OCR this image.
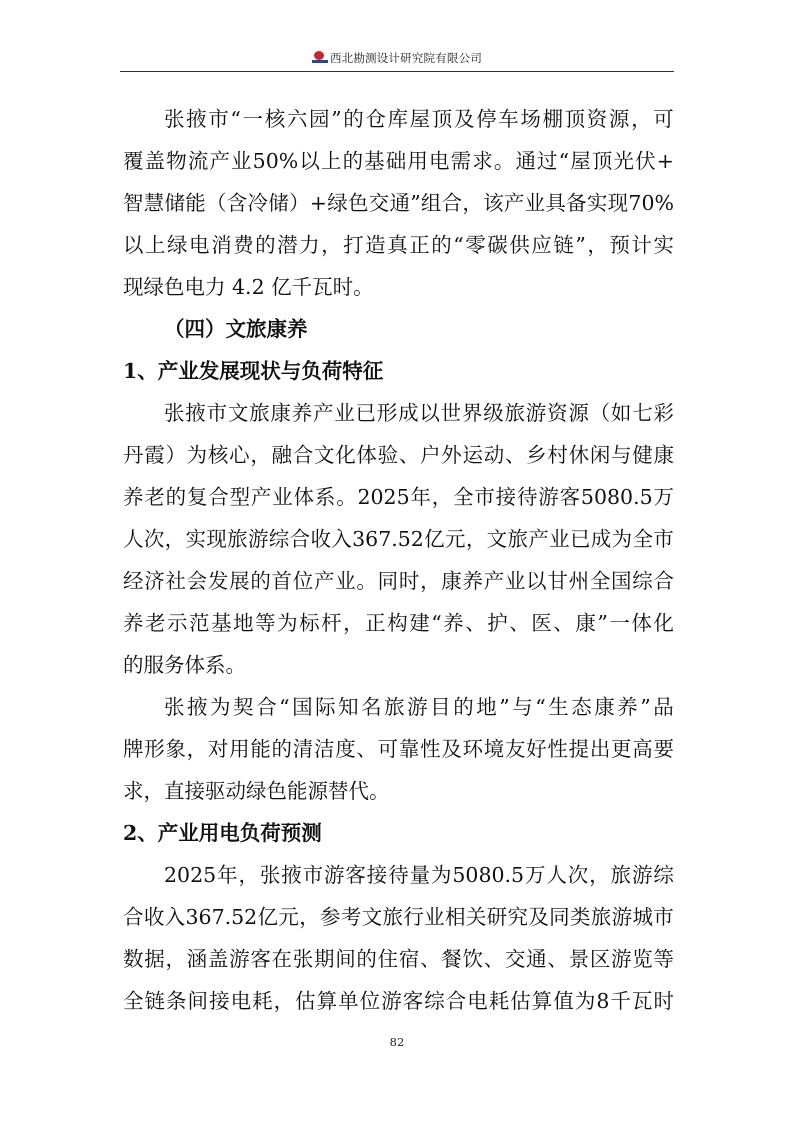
西北勘测设计研究院有限公司
张 掖 市 “ 一 核 六 园 ” 的 仓 库 屋 顶 及 停 车 场 棚 顶 资 源 ， 可
覆 盖 物 流 产 业 50% 以 上 的 基 础 用 电 需 求 。 通 过 “ 屋 顶 光 伏 +
智 慧 储 能 （ 含 冷 储 ） + 绿 色 交 通 ” 组 合 ， 该 产 业 具 备 实 现 70%
以 上 绿 电 消 费 的 潜 力 ， 打 造 真 正 的 “ 零 碳 供 应 链 ” ， 预 计 实
现绿色电力 4.2 亿千瓦时。
（四）文旅康养
1、产业发展现状与负荷特征
张 掖 市 文 旅 康 养 产 业 已 形 成 以 世 界 级 旅 游 资 源 （ 如 七 彩
丹 霞 ） 为 核 心 ， 融 合 文 化 体 验 、 户 外 运 动 、 乡 村 休 闲 与 健 康
养 老 的 复 合 型 产 业 体 系 。 2025 年 ， 全 市 接 待 游 客 5080.5 万
人 次 ， 实 现 旅 游 综 合 收 入 367.52 亿 元 ， 文 旅 产 业 已 成 为 全 市
经 济 社 会 发 展 的 首 位 产 业 。 同 时 ， 康 养 产 业 以 甘 州 全 国 综 合
养 老 示 范 基 地 等 为 标 杆 ， 正 构 建 “ 养 、 护 、 医 、 康 ” 一 体 化
的服务体系。
张 掖 为 契 合 “ 国 际 知 名 旅 游 目 的 地 ” 与 “ 生 态 康 养 ” 品
牌 形 象 ， 对 用 能 的 清 洁 度 、 可 靠 性 及 环 境 友 好 性 提 出 更 高 要
求，直接驱动绿色能源替代。
2、产业用电负荷预测
2025 年 ， 张 掖 市 游 客 接 待 量 为 5080.5 万 人 次 ， 旅 游 综
合 收 入 367.52 亿 元 ， 参 考 文 旅 行 业 相 关 研 究 及 同 类 旅 游 城 市
数 据 ， 涵 盖 游 客 在 张 期 间 的 住 宿 、 餐 饮 、 交 通 、 景 区 游 览 等
全 链 条 间 接 电 耗 ， 估 算 单 位 游 客 综 合 电 耗 估 算 值 为 8 千 瓦 时
82
